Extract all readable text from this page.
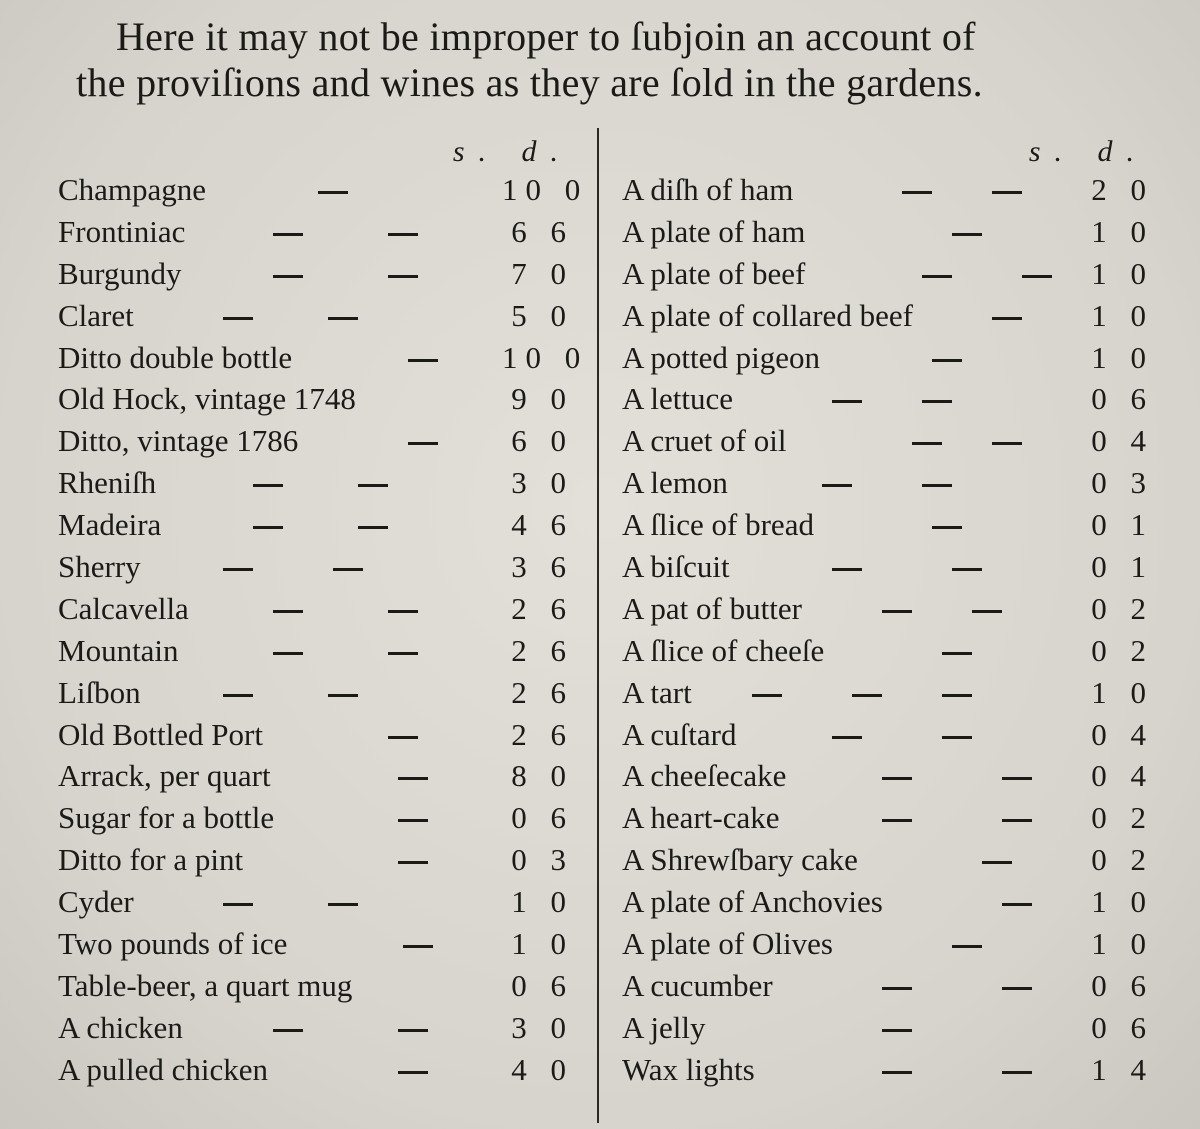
Here it may not be improper to ſubjoin an account of
the proviſions and wines as they are ſold in the gardens.
s. d.
Champagne	10 0
Frontiniac	6 6
Burgundy	7 0
Claret	5 0
Ditto double bottle	10 0
Old Hock, vintage 1748	9 0
Ditto, vintage 1786	6 0
Rheniſh	3 0
Madeira	4 6
Sherry	3 6
Calcavella	2 6
Mountain	2 6
Liſbon	2 6
Old Bottled Port	2 6
Arrack, per quart	8 0
Sugar for a bottle	0 6
Ditto for a pint	0 3
Cyder	1 0
Two pounds of ice	1 0
Table-beer, a quart mug	0 6
A chicken	3 0
A pulled chicken	4 0
s. d.
A diſh of ham	2 0
A plate of ham	1 0
A plate of beef	1 0
A plate of collared beef	1 0
A potted pigeon	1 0
A lettuce	0 6
A cruet of oil	0 4
A lemon	0 3
A ſlice of bread	0 1
A biſcuit	0 1
A pat of butter	0 2
A ſlice of cheeſe	0 2
A tart	1 0
A cuſtard	0 4
A cheeſecake	0 4
A heart-cake	0 2
A Shrewſbary cake	0 2
A plate of Anchovies	1 0
A plate of Olives	1 0
A cucumber	0 6
A jelly	0 6
Wax lights	1 4
